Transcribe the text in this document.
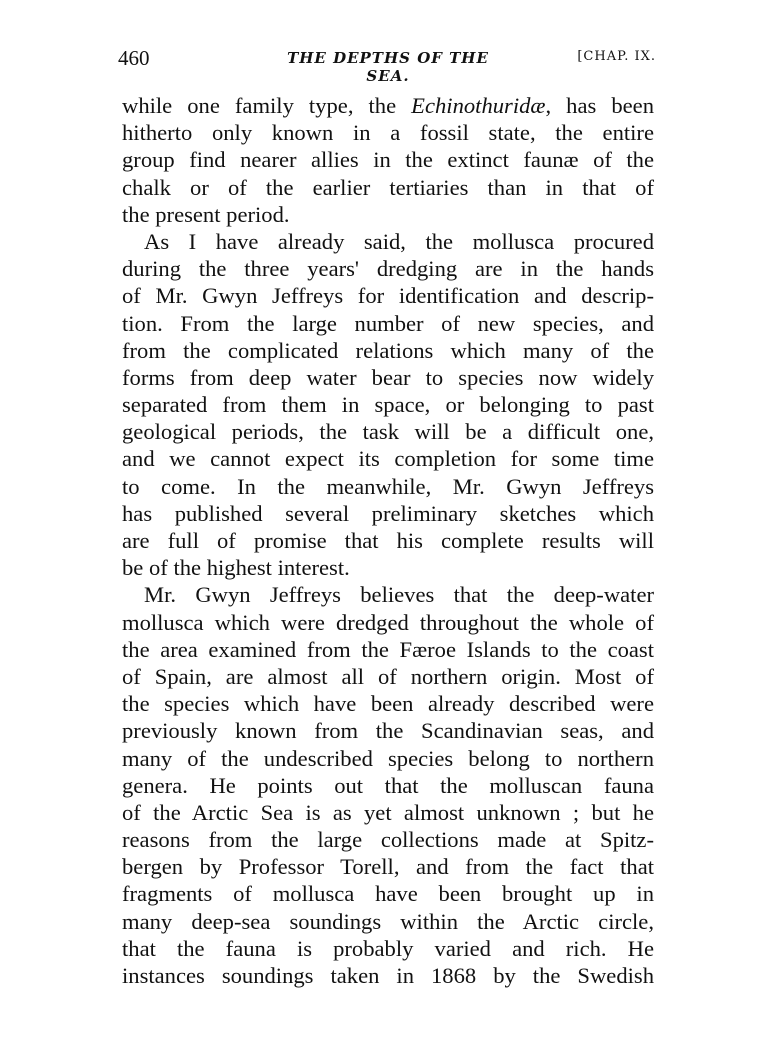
460	THE DEPTHS OF THE SEA.
[CHAP. IX.
while one family type, the Echinothuridæ, has been
hitherto only known in a fossil state, the entire
group find nearer allies in the extinct faunæ of the
chalk or of the earlier tertiaries than in that of
the present period.
As I have already said, the mollusca procured
during the three years' dredging are in the hands
of Mr. Gwyn Jeffreys for identification and descrip-
tion. From the large number of new species, and
from the complicated relations which many of the
forms from deep water bear to species now widely
separated from them in space, or belonging to past
geological periods, the task will be a difficult one,
and we cannot expect its completion for some time
to come. In the meanwhile, Mr. Gwyn Jeffreys
has published several preliminary sketches which
are full of promise that his complete results will
be of the highest interest.
Mr. Gwyn Jeffreys believes that the deep-water
mollusca which were dredged throughout the whole of
the area examined from the Færoe Islands to the coast
of Spain, are almost all of northern origin. Most of
the species which have been already described were
previously known from the Scandinavian seas, and
many of the undescribed species belong to northern
genera. He points out that the molluscan fauna
of the Arctic Sea is as yet almost unknown ; but he
reasons from the large collections made at Spitz-
bergen by Professor Torell, and from the fact that
fragments of mollusca have been brought up in
many deep-sea soundings within the Arctic circle,
that the fauna is probably varied and rich. He
instances soundings taken in 1868 by the Swedish
